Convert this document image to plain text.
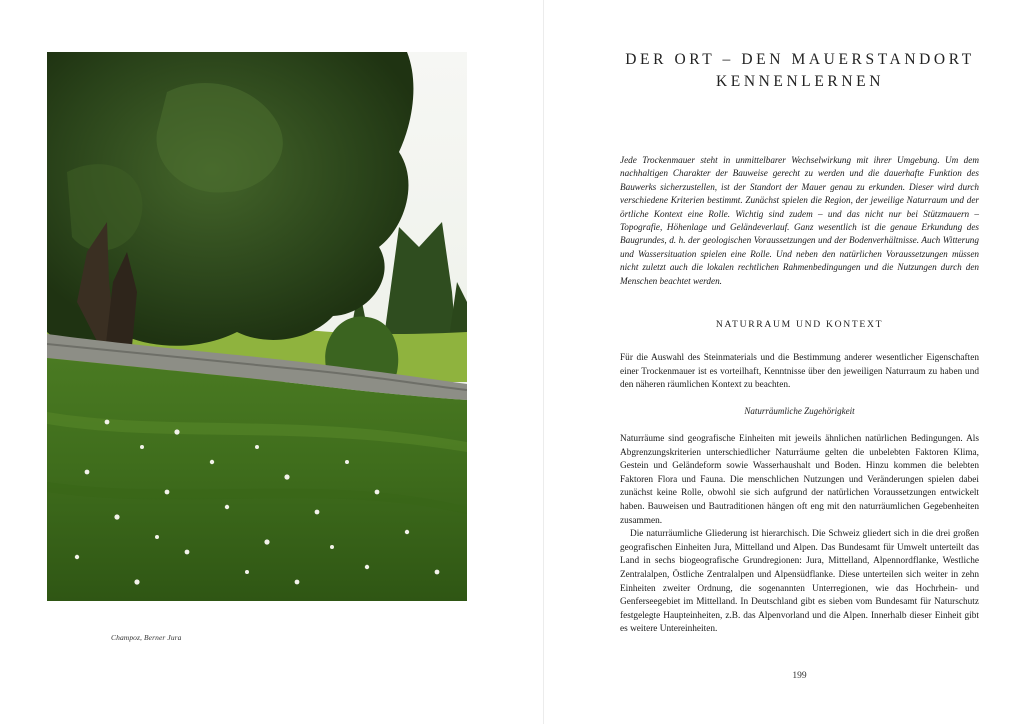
Champoz, Berner Jura
DER ORT – DEN MAUERSTANDORT
KENNENLERNEN

Jede Trockenmauer steht in unmittelbarer Wechselwirkung mit ihrer Umgebung. Um dem nachhaltigen Charakter der Bauweise gerecht zu werden und die dauerhafte Funktion des Bauwerks sicherzustellen, ist der Standort der Mauer genau zu erkunden. Dieser wird durch verschiedene Kriterien bestimmt. Zunächst spielen die Region, der jeweilige Naturraum und der örtliche Kontext eine Rolle. Wichtig sind zudem – und das nicht nur bei Stützmauern – Topografie, Höhenlage und Geländeverlauf. Ganz wesentlich ist die genaue Erkundung des Baugrundes, d. h. der geologischen Voraussetzungen und der Bodenverhältnisse. Auch Witterung und Wassersituation spielen eine Rolle. Und neben den natürlichen Voraussetzungen müssen nicht zuletzt auch die lokalen rechtlichen Rahmenbedingungen und die Nutzungen durch den Menschen beachtet werden.

NATURRAUM UND KONTEXT

Für die Auswahl des Steinmaterials und die Bestimmung anderer wesentlicher Eigenschaften einer Trockenmauer ist es vorteilhaft, Kenntnisse über den jeweiligen Naturraum zu haben und den näheren räumlichen Kontext zu beachten.

Naturräumliche Zugehörigkeit

Naturräume sind geografische Einheiten mit jeweils ähnlichen natürlichen Bedingungen. Als Abgrenzungskriterien unterschiedlicher Naturräume gelten die unbelebten Faktoren Klima, Gestein und Geländeform sowie Wasserhaushalt und Boden. Hinzu kommen die belebten Faktoren Flora und Fauna. Die menschlichen Nutzungen und Veränderungen spielen dabei zunächst keine Rolle, obwohl sie sich aufgrund der natürlichen Voraussetzungen entwickelt haben. Bauweisen und Bautraditionen hängen oft eng mit den naturräumlichen Gegebenheiten zusammen.

Die naturräumliche Gliederung ist hierarchisch. Die Schweiz gliedert sich in die drei großen geografischen Einheiten Jura, Mittelland und Alpen. Das Bundesamt für Umwelt unterteilt das Land in sechs biogeografische Grundregionen: Jura, Mittelland, Alpennordflanke, Westliche Zentralalpen, Östliche Zentralalpen und Alpensüdflanke. Diese unterteilen sich weiter in zehn Einheiten zweiter Ordnung, die sogenannten Unterregionen, wie das Hochrhein- und Genferseegebiet im Mittelland. In Deutschland gibt es sieben vom Bundesamt für Naturschutz festgelegte Haupteinheiten, z.B. das Alpenvorland und die Alpen. Innerhalb dieser Einheit gibt es weitere Untereinheiten.

199
